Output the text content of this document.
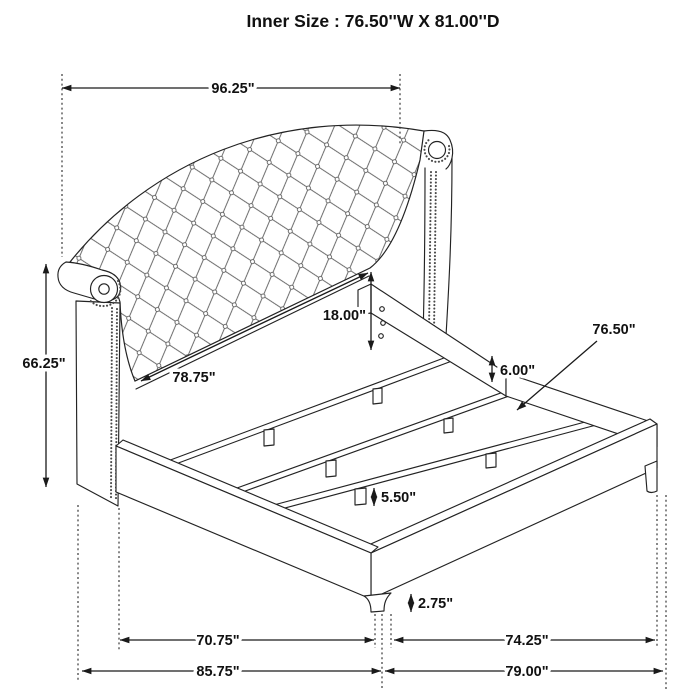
96.25"
66.25"
18.00"
78.75"	6.00"
76.50"
5.50"
2.75"
70.75"	74.25"
85.75"	79.00"
Inner Size : 76.50''W X 81.00''D
